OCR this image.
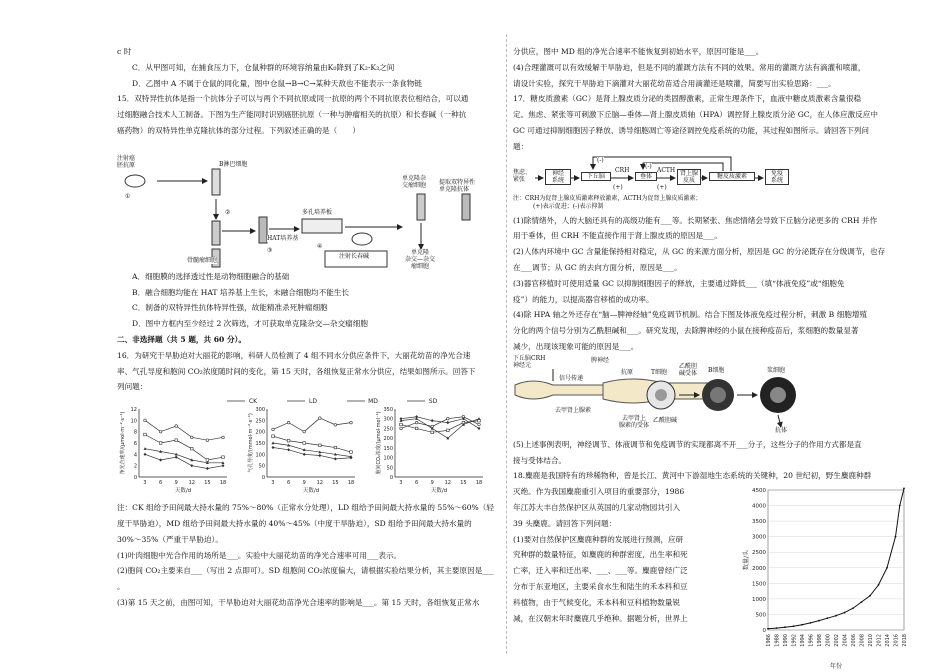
c 时

C．从甲图可知，在捕食压力下，仓鼠种群的环境容纳量由K₀降到了K₂-K₃之间

D．乙图中 A 不属于仓鼠的同化量，图中仓鼠→B→C→某种天敌也不能表示一条食物链

15．双特异性抗体是指一个抗体分子可以与两个不同抗原或同一抗原的两个不同抗原表位相结合，可以通

过细胞融合技术人工制备。下图为生产能同时识别癌胚抗原（一种与肿瘤相关的抗原）和长春碱（一种抗

癌药物）的双特异性单克隆抗体的部分过程。下列叙述正确的是（　　）

注射癌
胚抗原
①
B淋巴细胞
②
HAT培养基
③
多孔培养板
④
骨髓瘤细胞
单克隆杂
交瘤细胞 提取双特异性
单克隆抗体
注射长春碱
单克隆
杂交—杂交
瘤细胞

A．细胞膜的选择透过性是动物细胞融合的基础

B．融合细胞均能在 HAT 培养基上生长，未融合细胞均不能生长

C．制备的双特异性抗体特异性强，故能精准杀死肿瘤细胞

D．图中方框内至少经过 2 次筛选，才可获取单克隆杂交—杂交瘤细胞

二、非选择题（共 5 题，共 60 分）。

16．为研究干旱胁迫对大丽花的影响，科研人员检测了 4 组不同水分供应条件下，大丽花幼苗的净光合速

率、气孔导度和胞间 CO₂浓度随时间的变化，第 15 天时，各组恢复正常水分供应，结果如图所示。回答下

列问题：

CK	LD	MD	SD
0
2
4
6
8
10
12
3 6 9 12 15 18
天数/d
净光合速率/(μmol·m⁻²·s⁻¹)
0
50
100
150
200
250
300
3 6 9 12 15 18
天数/d
气孔导度/(mmol·m⁻²·s⁻¹)
0
50
100
150
200
250
300
350
3 6 9 12 15 18
天数/d
胞间CO₂浓度/(μmol·mol⁻¹)

注：CK 组给予田间最大持水量的 75%～80%（正常水分处理），LD 组给予田间最大持水量的 55%～60%（轻

度干旱胁迫），MD 组给予田间最大持水量的 40%～45%（中度干旱胁迫），SD 组给予田间最大持水量的

30%～35%（严重干旱胁迫）。

(1)叶肉细胞中光合作用的场所是___。实验中大丽花幼苗的净光合速率可用___表示。

(2)胞间 CO₂主要来自___（写出 2 点即可）。SD 组胞间 CO₂浓度偏大，请根据实验结果分析，其主要原因是___

。

(3)第 15 天之前，由图可知，干旱胁迫对大丽花幼苗净光合速率的影响是___。第 15 天时，各组恢复正常水

分供应，图中 MD 组的净光合速率不能恢复到初始水平，原因可能是___。

(4)合理灌溉可以有效缓解干旱胁迫，但是不同的灌溉方法有不同的效果。常用的灌溉方法有滴灌和喷灌，

请设计实验，探究干旱胁迫下滴灌对大丽花幼苗适合用滴灌还是喷灌，简要写出实验思路：___。

17．糖皮质激素（GC）是肾上腺皮质分泌的类固醇激素，正常生理条件下，血液中糖皮质激素含量很稳

定。焦虑、紧张等可刺激下丘脑—垂体—肾上腺皮质轴（HPA）调控肾上腺皮质分泌 GC，在人体应激反应中

GC 可通过抑制细胞因子释放、诱导细胞凋亡等途径调控免疫系统的功能，其过程如图所示。请回答下列问

题：

焦虑、
紧张
神经
系统
下丘脑	垂体	肾上腺
皮质
糖皮质激素	免疫
系统
CRH	ACTH
(-)
(-)
(+)	(+)
注：CRH为促肾上腺皮质激素释放激素，ACTH为促肾上腺皮质激素；
(+)表示促进；(-)表示抑制

(1)除情绪外，人的大脑还具有的高级功能有___等。长期紧张、焦虑情绪会导致下丘脑分泌更多的 CRH 并作

用于垂体，但 CRH 不能直接作用于肾上腺皮质的原因是___。

(2)人体内环境中 GC 含量能保持相对稳定，从 GC 的来源方面分析，原因是 GC 的分泌既存在分级调节，也存

在___调节；从 GC 的去向方面分析，原因是___。

(3)器官移植时可使用适量 GC 以抑制细胞因子的释放，主要通过降低___（填“体液免疫”或“细胞免

疫”）的能力，以提高器官移植的成功率。

(4)除 HPA 轴之外还存在“脑—脾神经轴”免疫调节机制。结合下图及体液免疫过程分析，刺激 B 细胞增殖

分化的两个信号分别为乙酰胆碱和___。研究发现，去除脾神经的小鼠在接种疫苗后，浆细胞的数量显著

减少，出现该现象可能的原因是___。

下丘脑CRH
神经元
脾神经
信号传递
去甲肾上腺素
抗原
去甲肾上
腺素的受体
乙酰胆碱
T细胞
乙酰胆
碱受体 B细胞	浆细胞
抗体

(5)上述事例表明，神经调节、体液调节和免疫调节的实现都离不开___分子，这些分子的作用方式都是直

接与受体结合。

18.麋鹿是我国特有的珍稀物种，曾是长江、黄河中下游湿地生态系统的关键种，20 世纪初，野生麋鹿种群

灭绝。作为我国麋鹿重引入项目的重要部分，1986

年江苏大丰自然保护区从英国的几家动物园共引入

39 头麋鹿。请回答下列问题：

(1)要对自然保护区麋鹿种群的发展进行预测，应研

究种群的数量特征，如麋鹿的种群密度，出生率和死

亡率，迁入率和迁出率、___、___等。麋鹿曾经广泛

分布于东亚地区，主要采食水生和陆生的禾本科和豆

科植物，由于气候变化，禾本科和豆科植物数量锐

减，在汉朝末年时麋鹿几乎绝种。据题分析，世界上

0
500
1000
1500
2000
2500
3000
3500
4000
4500
1986 1988 1990 1992 1994 1996 1998 2000 2002 2004 2006 2008 2010 2012 2014 2016 2018
年份
数量/头
